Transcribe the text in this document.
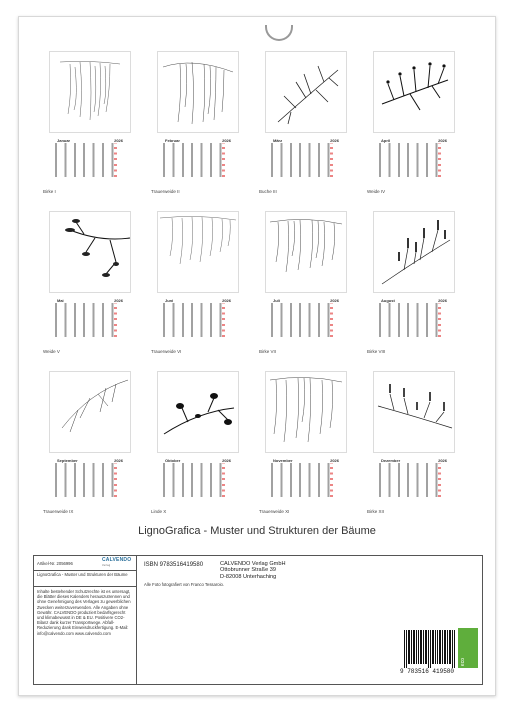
Januar	2026
Birke I
Februar	2026
Trauerweide II
März	2026
Buche III
April	2026
Weide IV
Mai	2026
Weide V
Juni	2026
Trauerweide VI
Juli	2026
Birke VII
August	2026
Birke VIII
September	2026
Trauerweide IX
Oktober	2026
Linde X
November	2026
Trauerweide XI
Dezember	2026
Birke XII
LignoGrafica - Muster und Strukturen der Bäume
Artikel-Nr. 2056996
CALVENDO
Verlag
LignoGrafica - Muster und Strukturen der Bäume
Inhalte bestehender Schutzrechte ist es untersagt, die Blätter dieses Kalenders herauszutrennen und ohne Genehmigung des Verlages zu gewerblichen Zwecken weiterzuverwenden. Alle Angaben ohne Gewähr. CALVENDO produziert bedarfsgerecht und klimabewusst in DE & EU. Positivere CO2-Bilanz dank kurzer Transportwege. Abfall-Reduzierung dank Einweisdruckfertigung. E-Mail: info@calvendo.com www.calvendo.com
ISBN 9783516419580	CALVENDO Verlag GmbH
Ottobrunner Straße 39
D-82008 Unterhaching
Alle Foto fotografiert von Franco Tessaroio.
9 783516 419580
eco
